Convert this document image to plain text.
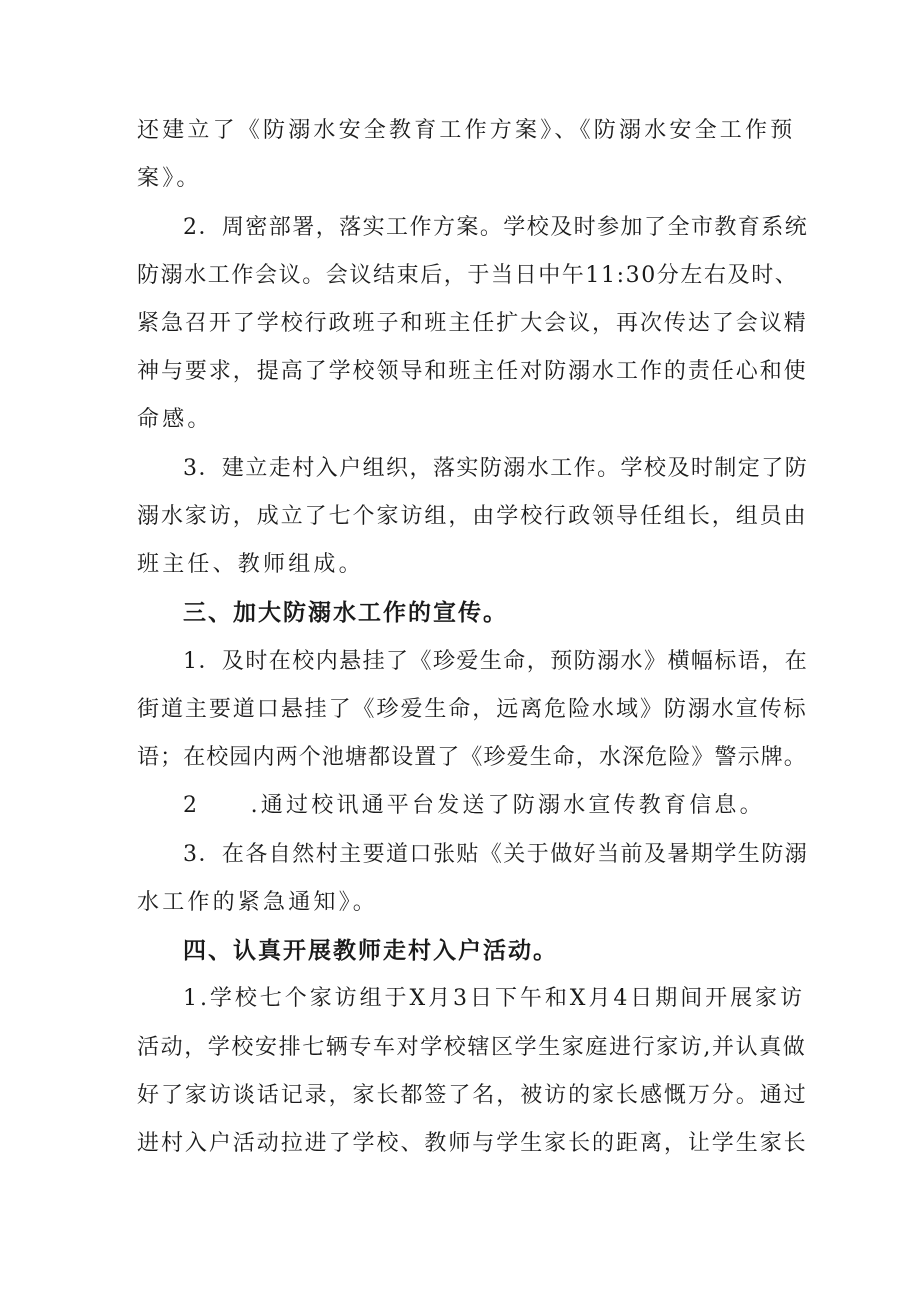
还建立了《防溺水安全教育工作方案》、《防溺水安全工作预
案》。
2．周密部署，落实工作方案。学校及时参加了全市教育系统
防溺水工作会议。会议结束后，于当日中午11:30分左右及时、
紧急召开了学校行政班子和班主任扩大会议，再次传达了会议精
神与要求，提高了学校领导和班主任对防溺水工作的责任心和使
命感。
3．建立走村入户组织，落实防溺水工作。学校及时制定了防
溺水家访，成立了七个家访组，由学校行政领导任组长，组员由
班主任、教师组成。
三、加大防溺水工作的宣传。
1．及时在校内悬挂了《珍爱生命，预防溺水》横幅标语，在
街道主要道口悬挂了《珍爱生命，远离危险水域》防溺水宣传标
语；在校园内两个池塘都设置了《珍爱生命，水深危险》警示牌。
2　　.通过校讯通平台发送了防溺水宣传教育信息。
3．在各自然村主要道口张贴《关于做好当前及暑期学生防溺
水工作的紧急通知》。
四、认真开展教师走村入户活动。
1.学校七个家访组于X月3日下午和X月4日期间开展家访
活动，学校安排七辆专车对学校辖区学生家庭进行家访,并认真做
好了家访谈话记录，家长都签了名，被访的家长感慨万分。通过
进村入户活动拉进了学校、教师与学生家长的距离，让学生家长
